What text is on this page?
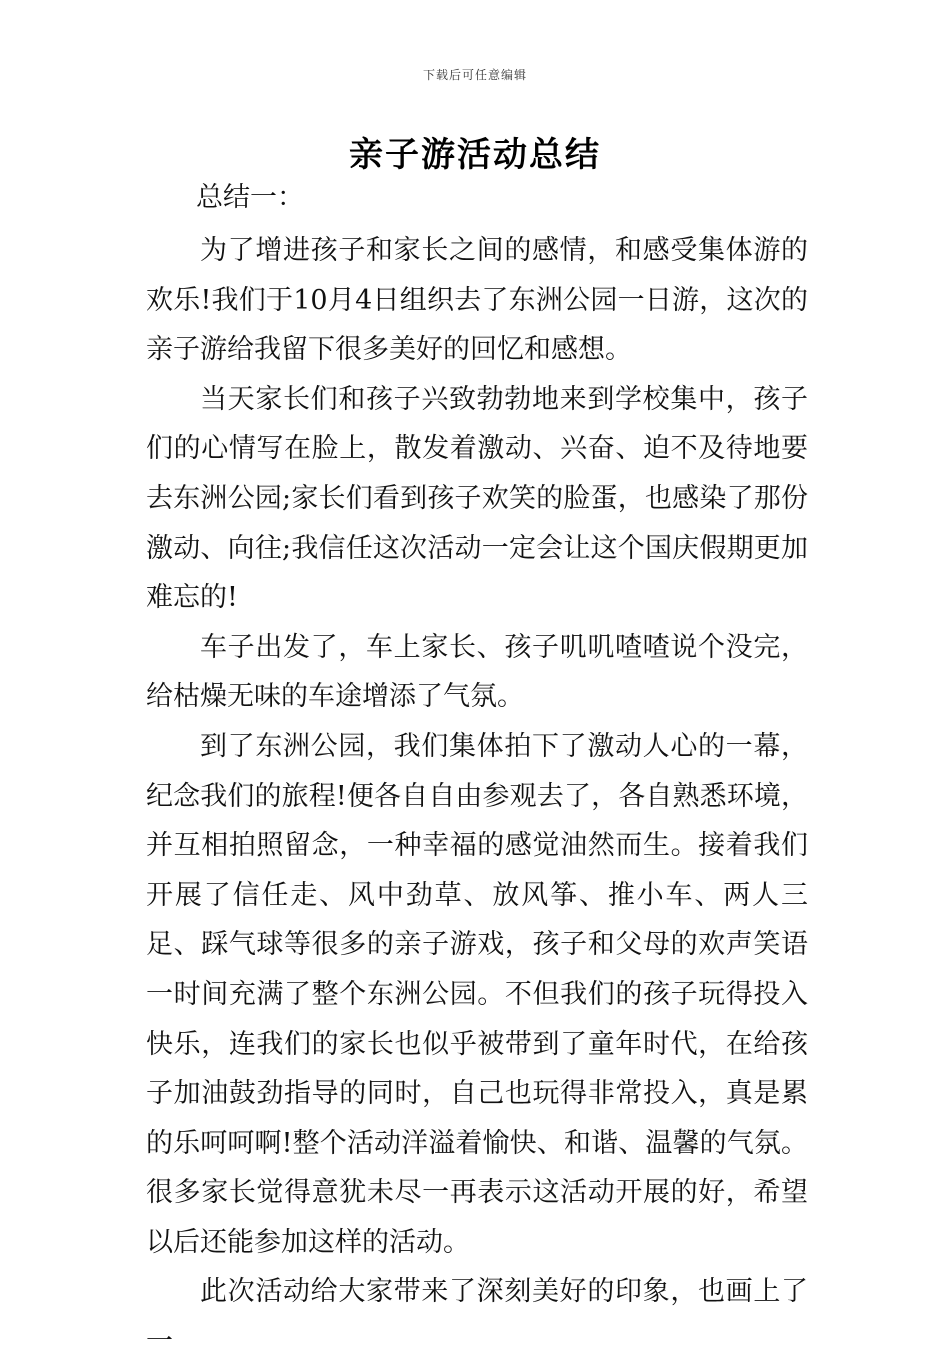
下载后可任意编辑
亲子游活动总结

总结一：

为了增进孩子和家长之间的感情，和感受集体游的欢乐!我们于10月4日组织去了东洲公园一日游，这次的亲子游给我留下很多美好的回忆和感想。

当天家长们和孩子兴致勃勃地来到学校集中，孩子们的心情写在脸上，散发着激动、兴奋、迫不及待地要去东洲公园;家长们看到孩子欢笑的脸蛋，也感染了那份激动、向往;我信任这次活动一定会让这个国庆假期更加难忘的!

车子出发了，车上家长、孩子叽叽喳喳说个没完，给枯燥无味的车途增添了气氛。

到了东洲公园，我们集体拍下了激动人心的一幕，纪念我们的旅程!便各自自由参观去了，各自熟悉环境，并互相拍照留念，一种幸福的感觉油然而生。接着我们开展了信任走、风中劲草、放风筝、推小车、两人三足、踩气球等很多的亲子游戏，孩子和父母的欢声笑语一时间充满了整个东洲公园。不但我们的孩子玩得投入快乐，连我们的家长也似乎被带到了童年时代，在给孩子加油鼓劲指导的同时，自己也玩得非常投入，真是累的乐呵呵啊!整个活动洋溢着愉快、和谐、温馨的气氛。很多家长觉得意犹未尽一再表示这活动开展的好，希望以后还能参加这样的活动。

此次活动给大家带来了深刻美好的印象，也画上了一
